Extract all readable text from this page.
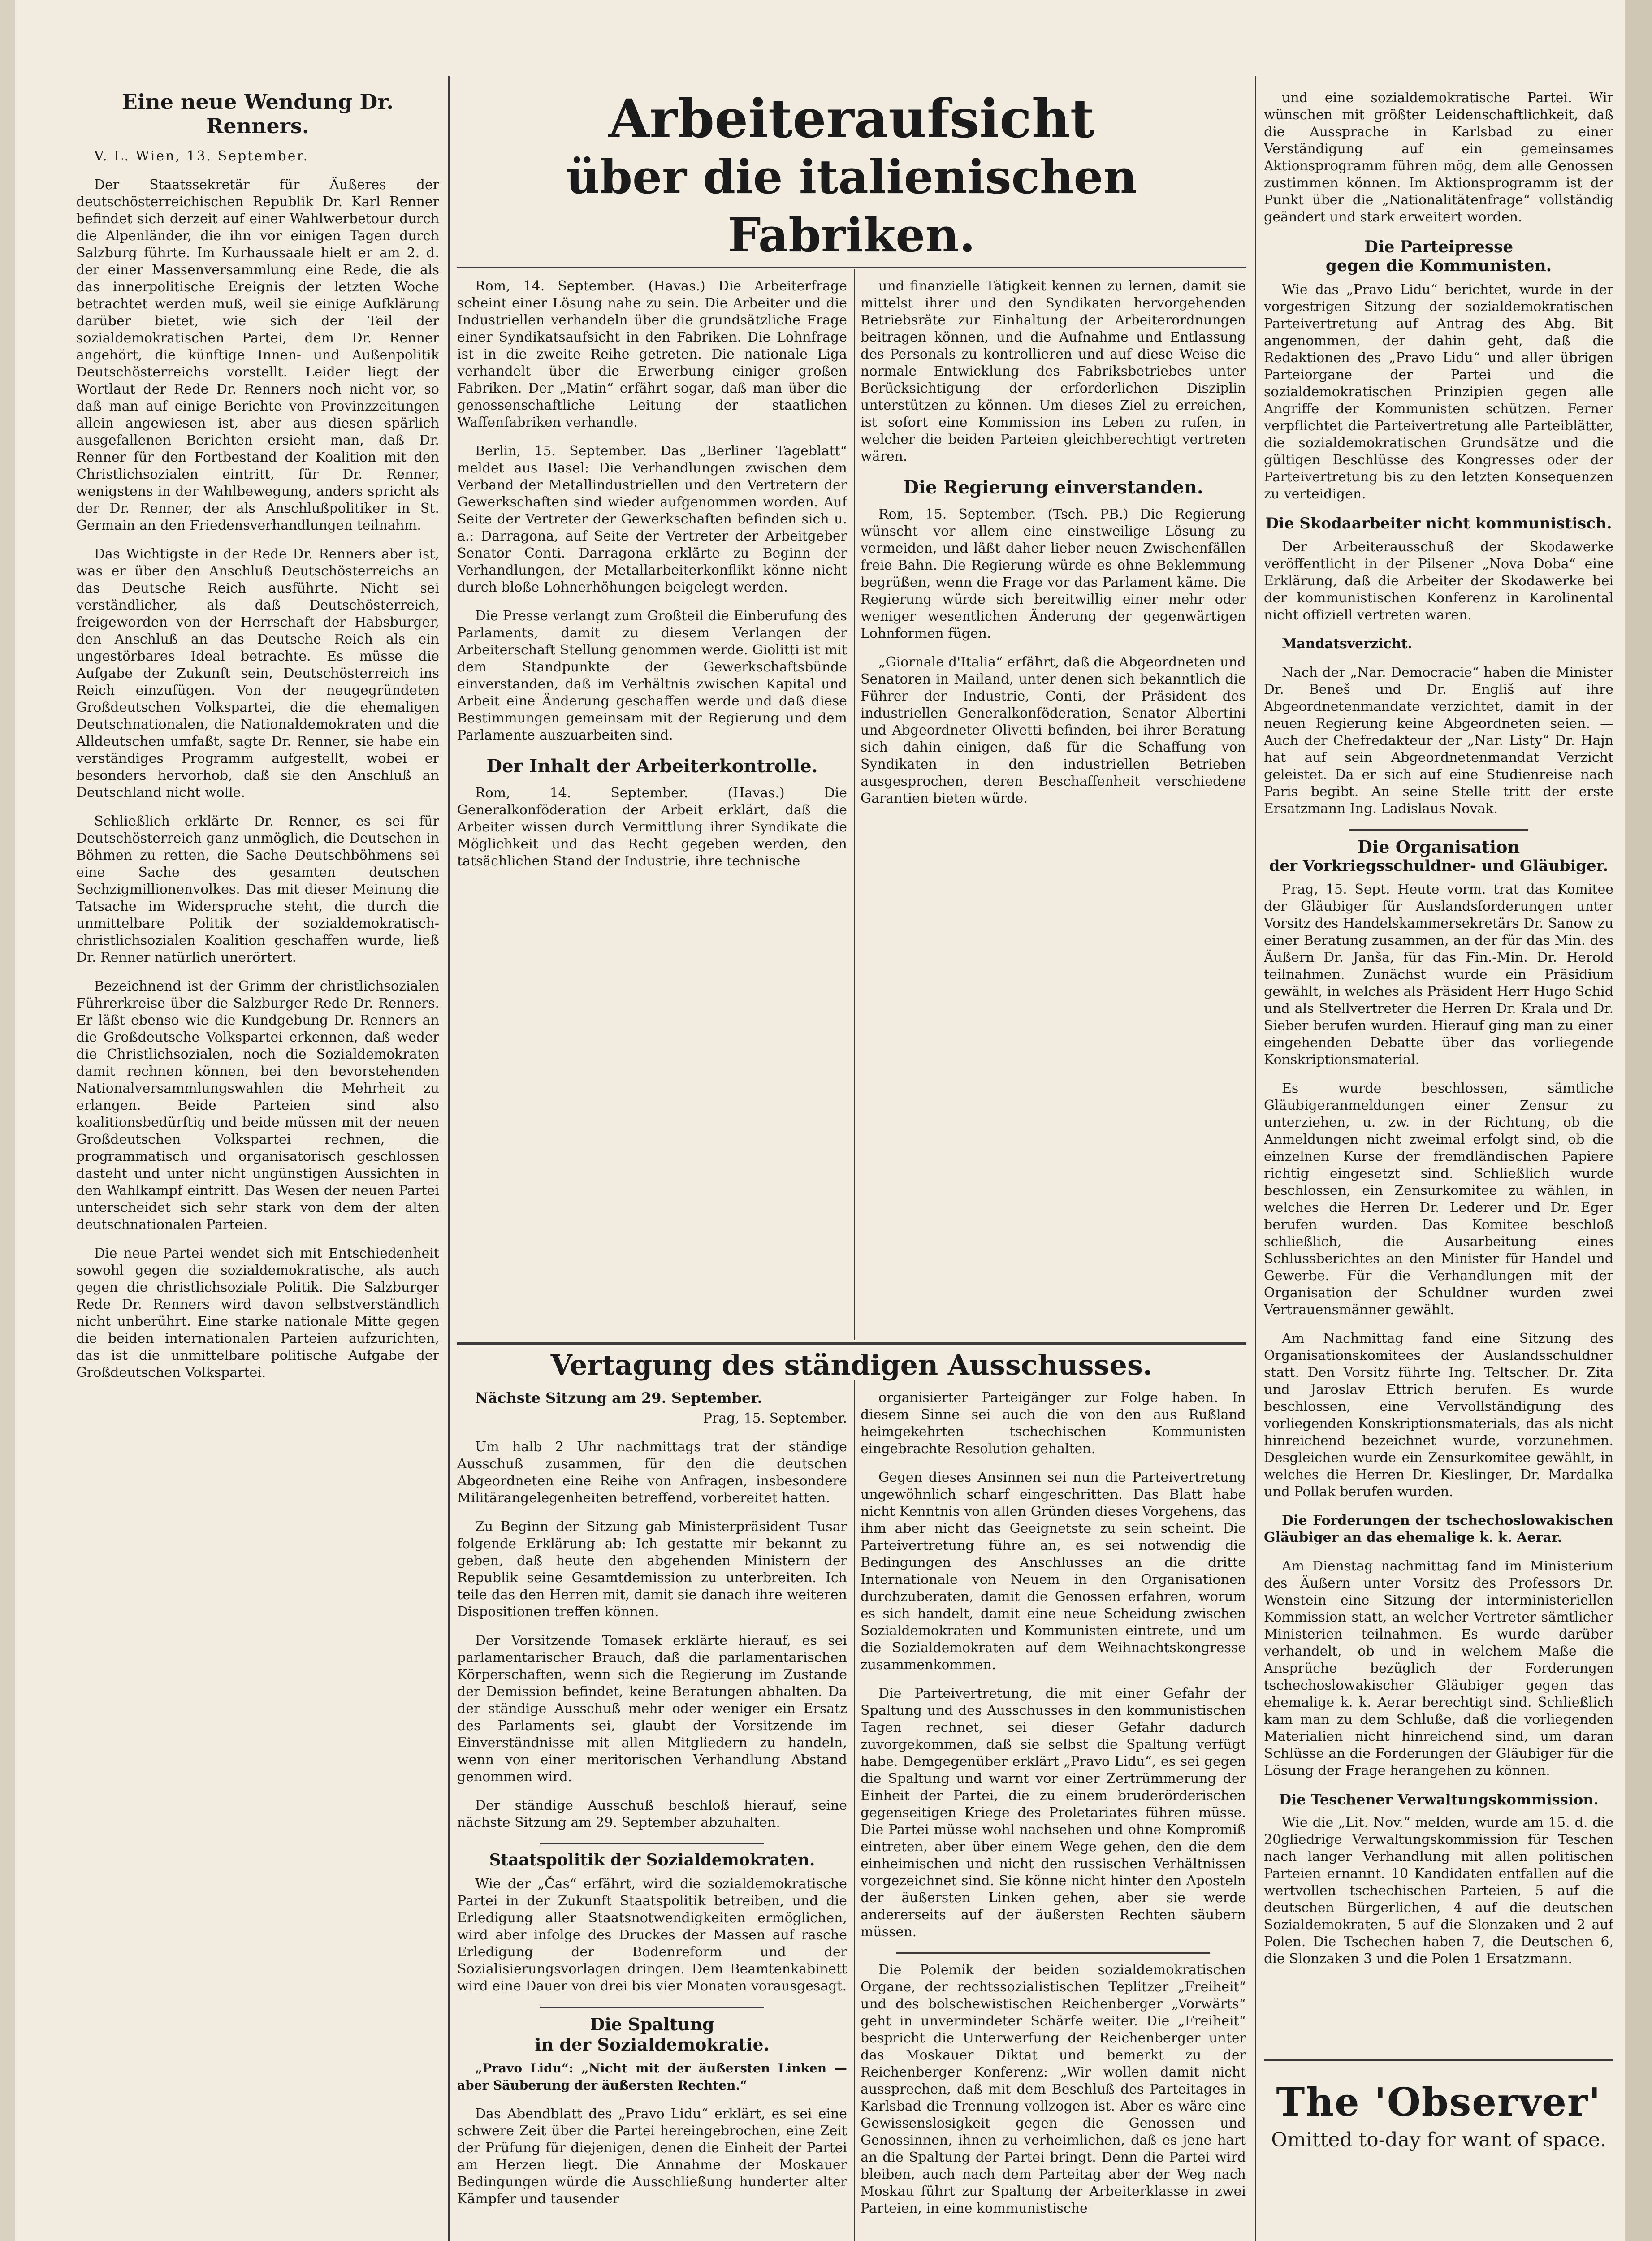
Eine neue Wendung Dr. Renners.

V. L. Wien, 13. September.

Der Staatssekretär für Äußeres der deutschösterreichischen Republik Dr. Karl Renner befindet sich derzeit auf einer Wahlwerbetour durch die Alpenländer, die ihn vor einigen Tagen durch Salzburg führte. Im Kurhaussaale hielt er am 2. d. der einer Massenversammlung eine Rede, die als das innerpolitische Ereignis der letzten Woche betrachtet werden muß, weil sie einige Aufklärung darüber bietet, wie sich der Teil der sozialdemokratischen Partei, dem Dr. Renner angehört, die künftige Innen- und Außenpolitik Deutschösterreichs vorstellt. Leider liegt der Wortlaut der Rede Dr. Renners noch nicht vor, so daß man auf einige Berichte von Provinzzeitungen allein angewiesen ist, aber aus diesen spärlich ausgefallenen Berichten ersieht man, daß Dr. Renner für den Fortbestand der Koalition mit den Christlichsozialen eintritt, für Dr. Renner, wenigstens in der Wahlbewegung, anders spricht als der Dr. Renner, der als Anschlußpolitiker in St. Germain an den Friedensverhandlungen teilnahm.

Das Wichtigste in der Rede Dr. Renners aber ist, was er über den Anschluß Deutschösterreichs an das Deutsche Reich ausführte. Nicht sei verständlicher, als daß Deutschösterreich, freigeworden von der Herrschaft der Habsburger, den Anschluß an das Deutsche Reich als ein ungestörbares Ideal betrachte. Es müsse die Aufgabe der Zukunft sein, Deutschösterreich ins Reich einzufügen. Von der neugegründeten Großdeutschen Volkspartei, die die ehemaligen Deutschnationalen, die Nationaldemokraten und die Alldeutschen umfaßt, sagte Dr. Renner, sie habe ein verständiges Programm aufgestellt, wobei er besonders hervorhob, daß sie den Anschluß an Deutschland nicht wolle.

Schließlich erklärte Dr. Renner, es sei für Deutschösterreich ganz unmöglich, die Deutschen in Böhmen zu retten, die Sache Deutschböhmens sei eine Sache des gesamten deutschen Sechzigmillionenvolkes. Das mit dieser Meinung die Tatsache im Widerspruche steht, die durch die unmittelbare Politik der sozialdemokratisch-christlichsozialen Koalition geschaffen wurde, ließ Dr. Renner natürlich unerörtert.

Bezeichnend ist der Grimm der christlichsozialen Führerkreise über die Salzburger Rede Dr. Renners. Er läßt ebenso wie die Kundgebung Dr. Renners an die Großdeutsche Volkspartei erkennen, daß weder die Christlichsozialen, noch die Sozialdemokraten damit rechnen können, bei den bevorstehenden Nationalversammlungswahlen die Mehrheit zu erlangen. Beide Parteien sind also koalitionsbedürftig und beide müssen mit der neuen Großdeutschen Volkspartei rechnen, die programmatisch und organisatorisch geschlossen dasteht und unter nicht ungünstigen Aussichten in den Wahlkampf eintritt. Das Wesen der neuen Partei unterscheidet sich sehr stark von dem der alten deutschnationalen Parteien.

Die neue Partei wendet sich mit Entschiedenheit sowohl gegen die sozialdemokratische, als auch gegen die christlichsoziale Politik. Die Salzburger Rede Dr. Renners wird davon selbstverständlich nicht unberührt. Eine starke nationale Mitte gegen die beiden internationalen Parteien aufzurichten, das ist die unmittelbare politische Aufgabe der Großdeutschen Volkspartei.

Arbeiteraufsicht
über die italienischen Fabriken.

Rom, 14. September. (Havas.) Die Arbeiterfrage scheint einer Lösung nahe zu sein. Die Arbeiter und die Industriellen verhandeln über die grundsätzliche Frage einer Syndikatsaufsicht in den Fabriken. Die Lohnfrage ist in die zweite Reihe getreten. Die nationale Liga verhandelt über die Erwerbung einiger großen Fabriken. Der „Matin“ erfährt sogar, daß man über die genossenschaftliche Leitung der staatlichen Waffenfabriken verhandle.

Berlin, 15. September. Das „Berliner Tageblatt“ meldet aus Basel: Die Verhandlungen zwischen dem Verband der Metallindustriellen und den Vertretern der Gewerkschaften sind wieder aufgenommen worden. Auf Seite der Vertreter der Gewerkschaften befinden sich u. a.: Darragona, auf Seite der Vertreter der Arbeitgeber Senator Conti. Darragona erklärte zu Beginn der Verhandlungen, der Metallarbeiterkonflikt könne nicht durch bloße Lohnerhöhungen beigelegt werden.

Die Presse verlangt zum Großteil die Einberufung des Parlaments, damit zu diesem Verlangen der Arbeiterschaft Stellung genommen werde. Giolitti ist mit dem Standpunkte der Gewerkschaftsbünde einverstanden, daß im Verhältnis zwischen Kapital und Arbeit eine Änderung geschaffen werde und daß diese Bestimmungen gemeinsam mit der Regierung und dem Parlamente auszuarbeiten sind.

Der Inhalt der Arbeiterkontrolle.

Rom, 14. September. (Havas.) Die Generalkonföderation der Arbeit erklärt, daß die Arbeiter wissen durch Vermittlung ihrer Syndikate die Möglichkeit und das Recht gegeben werden, den tatsächlichen Stand der Industrie, ihre technische

und finanzielle Tätigkeit kennen zu lernen, damit sie mittelst ihrer und den Syndikaten hervorgehenden Betriebsräte zur Einhaltung der Arbeiterordnungen beitragen können, und die Aufnahme und Entlassung des Personals zu kontrollieren und auf diese Weise die normale Entwicklung des Fabriksbetriebes unter Berücksichtigung der erforderlichen Disziplin unterstützen zu können. Um dieses Ziel zu erreichen, ist sofort eine Kommission ins Leben zu rufen, in welcher die beiden Parteien gleichberechtigt vertreten wären.

Die Regierung einverstanden.

Rom, 15. September. (Tsch. PB.) Die Regierung wünscht vor allem eine einstweilige Lösung zu vermeiden, und läßt daher lieber neuen Zwischenfällen freie Bahn. Die Regierung würde es ohne Beklemmung begrüßen, wenn die Frage vor das Parlament käme. Die Regierung würde sich bereitwillig einer mehr oder weniger wesentlichen Änderung der gegenwärtigen Lohnformen fügen.

„Giornale d'Italia“ erfährt, daß die Abgeordneten und Senatoren in Mailand, unter denen sich bekanntlich die Führer der Industrie, Conti, der Präsident des industriellen Generalkonföderation, Senator Albertini und Abgeordneter Olivetti befinden, bei ihrer Beratung sich dahin einigen, daß für die Schaffung von Syndikaten in den industriellen Betrieben ausgesprochen, deren Beschaffenheit verschiedene Garantien bieten würde.

Vertagung des ständigen Ausschusses.

Nächste Sitzung am 29. September.

Prag, 15. September.

Um halb 2 Uhr nachmittags trat der ständige Ausschuß zusammen, für den die deutschen Abgeordneten eine Reihe von Anfragen, insbesondere Militärangelegenheiten betreffend, vorbereitet hatten.

Zu Beginn der Sitzung gab Ministerpräsident Tusar folgende Erklärung ab: Ich gestatte mir bekannt zu geben, daß heute den abgehenden Ministern der Republik seine Gesamtdemission zu unterbreiten. Ich teile das den Herren mit, damit sie danach ihre weiteren Dispositionen treffen können.

Der Vorsitzende Tomasek erklärte hierauf, es sei parlamentarischer Brauch, daß die parlamentarischen Körperschaften, wenn sich die Regierung im Zustande der Demission befindet, keine Beratungen abhalten. Da der ständige Ausschuß mehr oder weniger ein Ersatz des Parlaments sei, glaubt der Vorsitzende im Einverständnisse mit allen Mitgliedern zu handeln, wenn von einer meritorischen Verhandlung Abstand genommen wird.

Der ständige Ausschuß beschloß hierauf, seine nächste Sitzung am 29. September abzuhalten.

Staatspolitik der Sozialdemokraten.

Wie der „Čas“ erfährt, wird die sozialdemokratische Partei in der Zukunft Staatspolitik betreiben, und die Erledigung aller Staatsnotwendigkeiten ermöglichen, wird aber infolge des Druckes der Massen auf rasche Erledigung der Bodenreform und der Sozialisierungsvorlagen dringen. Dem Beamtenkabinett wird eine Dauer von drei bis vier Monaten vorausgesagt.

Die Spaltung
in der Sozialdemokratie.

„Pravo Lidu“: „Nicht mit der äußersten Linken — aber Säuberung der äußersten Rechten.“

Das Abendblatt des „Pravo Lidu“ erklärt, es sei eine schwere Zeit über die Partei hereingebrochen, eine Zeit der Prüfung für diejenigen, denen die Einheit der Partei am Herzen liegt. Die Annahme der Moskauer Bedingungen würde die Ausschließung hunderter alter Kämpfer und tausender

organisierter Parteigänger zur Folge haben. In diesem Sinne sei auch die von den aus Rußland heimgekehrten tschechischen Kommunisten eingebrachte Resolution gehalten.

Gegen dieses Ansinnen sei nun die Parteivertretung ungewöhnlich scharf eingeschritten. Das Blatt habe nicht Kenntnis von allen Gründen dieses Vorgehens, das ihm aber nicht das Geeignetste zu sein scheint. Die Parteivertretung führe an, es sei notwendig die Bedingungen des Anschlusses an die dritte Internationale von Neuem in den Organisationen durchzuberaten, damit die Genossen erfahren, worum es sich handelt, damit eine neue Scheidung zwischen Sozialdemokraten und Kommunisten eintrete, und um die Sozialdemokraten auf dem Weihnachtskongresse zusammenkommen.

Die Parteivertretung, die mit einer Gefahr der Spaltung und des Ausschusses in den kommunistischen Tagen rechnet, sei dieser Gefahr dadurch zuvorgekommen, daß sie selbst die Spaltung verfügt habe. Demgegenüber erklärt „Pravo Lidu“, es sei gegen die Spaltung und warnt vor einer Zertrümmerung der Einheit der Partei, die zu einem bruderörderischen gegenseitigen Kriege des Proletariates führen müsse. Die Partei müsse wohl nachsehen und ohne Kompromiß eintreten, aber über einem Wege gehen, den die dem einheimischen und nicht den russischen Verhältnissen vorgezeichnet sind. Sie könne nicht hinter den Aposteln der äußersten Linken gehen, aber sie werde andererseits auf der äußersten Rechten säubern müssen.

Die Polemik der beiden sozialdemokratischen Organe, der rechtssozialistischen Teplitzer „Freiheit“ und des bolschewistischen Reichenberger „Vorwärts“ geht in unvermindeter Schärfe weiter. Die „Freiheit“ bespricht die Unterwerfung der Reichenberger unter das Moskauer Diktat und bemerkt zu der Reichenberger Konferenz: „Wir wollen damit nicht aussprechen, daß mit dem Beschluß des Parteitages in Karlsbad die Trennung vollzogen ist. Aber es wäre eine Gewissenslosigkeit gegen die Genossen und Genossinnen, ihnen zu verheimlichen, daß es jene hart an die Spaltung der Partei bringt. Denn die Partei wird bleiben, auch nach dem Parteitag aber der Weg nach Moskau führt zur Spaltung der Arbeiterklasse in zwei Parteien, in eine kommunistische

und eine sozialdemokratische Partei. Wir wünschen mit größter Leidenschaftlichkeit, daß die Aussprache in Karlsbad zu einer Verständigung auf ein gemeinsames Aktionsprogramm führen mög, dem alle Genossen zustimmen können. Im Aktionsprogramm ist der Punkt über die „Nationalitätenfrage“ vollständig geändert und stark erweitert worden.

Die Parteipresse
gegen die Kommunisten.

Wie das „Pravo Lidu“ berichtet, wurde in der vorgestrigen Sitzung der sozialdemokratischen Parteivertretung auf Antrag des Abg. Bit angenommen, der dahin geht, daß die Redaktionen des „Pravo Lidu“ und aller übrigen Parteiorgane der Partei und die sozialdemokratischen Prinzipien gegen alle Angriffe der Kommunisten schützen. Ferner verpflichtet die Parteivertretung alle Parteiblätter, die sozialdemokratischen Grundsätze und die gültigen Beschlüsse des Kongresses oder der Parteivertretung bis zu den letzten Konsequenzen zu verteidigen.

Die Skodaarbeiter nicht kommunistisch.

Der Arbeiterausschuß der Skodawerke veröffentlicht in der Pilsener „Nova Doba“ eine Erklärung, daß die Arbeiter der Skodawerke bei der kommunistischen Konferenz in Karolinental nicht offiziell vertreten waren.

Mandatsverzicht.

Nach der „Nar. Democracie“ haben die Minister Dr. Beneš und Dr. Engliš auf ihre Abgeordnetenmandate verzichtet, damit in der neuen Regierung keine Abgeordneten seien. — Auch der Chefredakteur der „Nar. Listy“ Dr. Hajn hat auf sein Abgeordnetenmandat Verzicht geleistet. Da er sich auf eine Studienreise nach Paris begibt. An seine Stelle tritt der erste Ersatzmann Ing. Ladislaus Novak.

Die Organisation
der Vorkriegsschuldner- und Gläubiger.

Prag, 15. Sept. Heute vorm. trat das Komitee der Gläubiger für Auslandsforderungen unter Vorsitz des Handelskammersekretärs Dr. Sanow zu einer Beratung zusammen, an der für das Min. des Äußern Dr. Janša, für das Fin.-Min. Dr. Herold teilnahmen. Zunächst wurde ein Präsidium gewählt, in welches als Präsident Herr Hugo Schid und als Stellvertreter die Herren Dr. Krala und Dr. Sieber berufen wurden. Hierauf ging man zu einer eingehenden Debatte über das vorliegende Konskriptionsmaterial.

Es wurde beschlossen, sämtliche Gläubigeranmeldungen einer Zensur zu unterziehen, u. zw. in der Richtung, ob die Anmeldungen nicht zweimal erfolgt sind, ob die einzelnen Kurse der fremdländischen Papiere richtig eingesetzt sind. Schließlich wurde beschlossen, ein Zensurkomitee zu wählen, in welches die Herren Dr. Lederer und Dr. Eger berufen wurden. Das Komitee beschloß schließlich, die Ausarbeitung eines Schlussberichtes an den Minister für Handel und Gewerbe. Für die Verhandlungen mit der Organisation der Schuldner wurden zwei Vertrauensmänner gewählt.

Am Nachmittag fand eine Sitzung des Organisationskomitees der Auslandsschuldner statt. Den Vorsitz führte Ing. Teltscher. Dr. Zita und Jaroslav Ettrich berufen. Es wurde beschlossen, eine Vervollständigung des vorliegenden Konskriptionsmaterials, das als nicht hinreichend bezeichnet wurde, vorzunehmen. Desgleichen wurde ein Zensurkomitee gewählt, in welches die Herren Dr. Kieslinger, Dr. Mardalka und Pollak berufen wurden.

Die Forderungen der tschechoslowakischen Gläubiger an das ehemalige k. k. Aerar.

Am Dienstag nachmittag fand im Ministerium des Äußern unter Vorsitz des Professors Dr. Wenstein eine Sitzung der interministeriellen Kommission statt, an welcher Vertreter sämtlicher Ministerien teilnahmen. Es wurde darüber verhandelt, ob und in welchem Maße die Ansprüche bezüglich der Forderungen tschechoslowakischer Gläubiger gegen das ehemalige k. k. Aerar berechtigt sind. Schließlich kam man zu dem Schluße, daß die vorliegenden Materialien nicht hinreichend sind, um daran Schlüsse an die Forderungen der Gläubiger für die Lösung der Frage herangehen zu können.

Die Teschener Verwaltungskommission.

Wie die „Lit. Nov.“ melden, wurde am 15. d. die 20gliedrige Verwaltungskommission für Teschen nach langer Verhandlung mit allen politischen Parteien ernannt. 10 Kandidaten entfallen auf die wertvollen tschechischen Parteien, 5 auf die deutschen Bürgerlichen, 4 auf die deutschen Sozialdemokraten, 5 auf die Slonzaken und 2 auf Polen. Die Tschechen haben 7, die Deutschen 6, die Slonzaken 3 und die Polen 1 Ersatzmann.

The 'Observer'
Omitted to-day for want of space.
